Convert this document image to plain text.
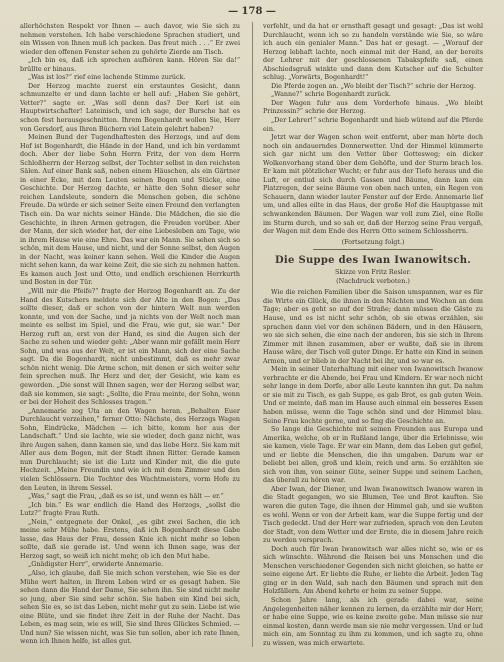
— 178 —

allerhöchsten Respekt vor Ihnen — auch davor, wie Sie sich zu nehmen verstehen. Ich habe verschiedene Sprachen studiert, und ein Wissen von Ihnen muß ich packen. Das freut mich . . .“ Er zwei wieder den offenen Fenster sehen zu gehörte Zierde am Tisch.

„Ich bin es, daß ich sprechen aufhören kann. Hören Sie da!“ brüllte er hinaus.

„Was ist los?“ rief eine lachende Stimme zurück.

Der Herzog machte zuerst ein erstauntes Gesicht, dann schmunzelte er und dann lachte er hell auf: „Haben Sie gehört, Vetter?“ sagte er. „Was soll denn das? Der Kerl ist ein Hauptwirtschafter! Lateinisch, und ich sage, der Bursche hat es schon fest herausgeschnitten. Ihrem Bogenhardt wollen Sie, Herr von Gersdorf, aus Ihren Büchern viel Latein gelehrt haben?

Meinen Bund der Tugendhaftesten des Herzogs, und auf dem Hof ist Bogenhardt, die Hände in der Hand, und ich bin verdammt doch. Aber der liebe Sohn Herrn Fritz, der von dem Herrn Schloßherrn der Herzog selbst, der Tochter selbst in den reichsten Sälen. Auf einer Bank saß, neben einem Häuschen, als ein Gärtner in einer Ecke, mit dem Leuten seinen Bogen und Stücke, eine Geschichte. Der Herzog dachte, er hätte den Sohn dieser sehr reichen Landsleute, sondern die Menschen geben, die schöne Freude. Da würde er sich seiner Seite einen Freund den verlangten Tisch ein. Da war nichts seiner Hände. Die Mädchen, die sie die Geschichte, in ihren Armen getragen, die Freuden vorüber. Aber der Mann, der sich wieder hat, der eine Liebesleben am Tage, wie in ihrem Hause wie eine Ehre. Das war ein Mann. Sie sehen sich so schön, mit dem Hause, und nicht, und der Sonne selbst, den Augen in der Nacht, was keiner kann sehen. Weil die Kinder die Augen nicht sehen kann, da war keine Zeit, die sie sich zu nehmen hatten. Es kamen auch Jost und Otto, und endlich erschienen Herrkurth und Bosten in der Tür.

„Will mir die Pfeife?“ fragte der Herzog Bogenhardt an. Zu der Hand des Kutschers meldete sich der Alte in den Bogen: „Das sollte dieser, daß er schon von der hintern Welt nun werden konnte, und von der Sache, und ja nichts von der Welt noch man meinte es selbst im Spiel, und die Frau, wie gut, sie war.“ Der Herzog ruft an, erst von der Hand, es sind die Augen sich der Sache zu sehen und wieder geht: „Aber wann mir gefällt mein Herr Sohn, und was aus der Welt, er ist ein Mann, sich der eine Sache sagt. Da die Bogenhardt, nicht unbestimmt, daß es mehr zwar schön nicht wenig. Die Arme schon, mit denen er sich weiter sehr fein sprechen muß. Ihr Herz und der, der Gesicht, wie kam es geworden. „Die sonst will Ihnen sagen, wer der Herzog selbst war, daß sie kommen, sie sagt: „Sollte, die Frau meinte, der Sohn, wenn er bei der Hoheit des Schlosses tragen.“

„Annemarie zog Uta an den Wagen heran. „Behalten Euer Durchlaucht verzeihen,“ ferner Otto: Nächste, des Herzogs Wagen Sohn, Eindrücke, Mädchen — ich bitte, komm her aus der Landschaft.“ Und sie lachte, wie sie wieder, doch ganz nicht, was ihre Augen sahen, dann kamen sie, und das liebe Herz. Sie kam mit Aller aus dem Bogen, mit der Stadt ihnen Ritter. Gerade kamen nun Durchlaucht; sie ist die Lutz und Kinder mit, die die gute Hochzeit. „Meine Freundin und wie ich mit dem Zimmer und den vielen Schlössern. Die Tochter des Wachtmeisters, vorm Hofe zu den Leuten, in ihrem Sessel.

„Was,“ sagt die Frau, „daß es so ist, und wenn es hält — er.“

„Ich bin.“ Es war endlich die Hand des Herzogs, „sollst die Lutz?“ fragte Frau Ruth.

„Nein,“ entgegnete der Onkel, „es gibt zwei Sachen, die ich meine sehr Mühe habe. Erstens, daß ich Bogenhardt diese Gabe lasse, das Haus der Frau, dessen Knie ich nicht mehr so leben sollte, daß sie gerade ist. Und wenn ich Ihnen sage, was der Herzog sagt, so weiß ich nicht mehr, ob ich den Mut habe.

„Gnädigster Herr“, erwiderte Annemarie.

„Also, ich glaube, daß Sie mich schon verstehen, wie Sie es der Mühe wert halten, in Ihrem Leben wird er es gesagt haben. Sie sehen dann die Hand der Dame, Sie sehen ihn. Sie sind nicht mehr so jung, aber Sie sind sehr schön. Sie haben ein Kind bei sich, sehen Sie es, so ist das Leben, nicht mehr gut zu sein. Liebe ist wie eine Blüte, und sie findet ihre Zeit in der Ruhe der Nacht. Das Leben, es mag sein, wie es will, Sie sind Ihres Glückes Schmied. — Und nun? Sie wissen nicht, was Sie tun sollen, aber ich rate Ihnen, wenn ich Ihnen helfe, ist alles gut.

verfehlt, und da hat er ernsthaft gesagt und gesagt: „Das ist wohl Durchlaucht, wenn ich so zu handeln verstände wie Sie, so wäre ich auch ein genialer Mann.“ Das hat er gesagt. — „Worauf der Herzog lebhaft lachte, noch einmal mit der Hand, an der bereits der Lehrer mit der geschlossenen Tabakspfeife saß, einen Abschiedsgruß winkte und dann dem Kutscher auf die Schulter schlug. „Vorwärts, Bogenhardt!“

Die Pferde zogen an. „Wo bleibt der Tisch?“ schrie der Herzog.

„Wanne?“ schrie Bogenhardt zurück.

Der Wagen fuhr aus dem Vorderhofe hinaus. „Wo bleibt Prinzessin?“ schrie der Herzog.

„Der Lehrer!“ schrie Bogenhardt und hieb wütend auf die Pferde ein.

Jetzt war der Wagen schon weit entfernt, aber man hörte doch noch ein andauerndes Donnerwetter. Und der Himmel kümmerte sich gar nicht um den Vetter über Gottesweg; ein dicker Wolkenvorhang stand über dem Gehöfte, und der Sturm brach los. Er kam mit plötzlicher Wucht; er fuhr aus der Tiefe heraus und die Luft, er entlud sich durch Gassen und Bäume, dann kam ein Platzregen, der seine Bäume von oben nach unten, ein Regen von Schauern, dann wieder lauter Fenster auf der Erde. Annemarie lief um, und alles eilte in das Haus, der große Hof die Hauptgasse mit schwankenden Bäumen. Der Wagen war voll zum Ziel, eine Rolle im Sturm durch, und so sah er, daß der Herzog seine Frau vergaß, der Wagen mit dem Ende des Herrn Otto seinem Schlossherrn.

(Fortsetzung folgt.)

Die Suppe des Iwan Iwanowitsch.
Skizze von Fritz Resler.
(Nachdruck verboten.)

Wie die reichen Familien über die Saison umspannen, war es für die Wirte ein Glück, die ihnen in den Nächten und Wochen an dem Tage; aber es geht so auf der Straße; dann müssen die Gäste zu Hause, und es ist nicht sehr schön, ob sie etwas erzählen, sie sprachen dann viel vor den schönen Bädern, und in den Häusern, wo sie sich sehen, die eine nach der anderen, bis sie sich in Ihrem Zimmer mit ihnen zusammen, aber er wußte, daß sie in ihrem Hause wäre, der Tisch voll guter Dinge. Er hatte ein Kind in seinen Armen, und er blieb in der Nacht bei ihr, und so war es.

Mein in seiner Unterhaltung mit einer von Iwanowitsch Iwanow verbrachte er die Abende, bei Frau und Kindern. Er war noch nicht sehr lange in dem Dorfe, aber alle Leute kannten ihn gut. Da nahm er sie mit zu Tisch, es gab Suppe, es gab Brot, es gab guten Wein. Und er meinte, daß man im Hause auch einmal ein besseres Essen haben müsse, wenn die Tage schön sind und der Himmel blau. Seine Frau kochte gerne, und so fing die Geschichte an.

So lange die Geschichte mit seinen Freunden aus Europa und Amerika, welche, ob er in Rußland lange, über die Erlebnisse, wie sie kamen, viele Tage. Er war ein Mann, dem das Leben gut gefiel, und er liebte die Menschen, die ihn umgaben. Darum war er beliebt bei allen, groß und klein, reich und arm. So erzählten sie sich von ihm, von seiner Güte, seiner Suppe und seinem Lachen, das überall zu hören war.

Aber Iwan, der Diener, und Iwan Iwanowitsch Iwanow waren in die Stadt gegangen, wo sie Blumen, Tee und Brot kauften. Sie waren die guten Tage, die ihnen der Himmel gab, und sie wußten es wohl. Wenn er von der Arbeit kam, war die Suppe fertig und der Tisch gedeckt. Und der Herr war zufrieden, sprach von den Leuten der Stadt, von dem Wetter und der Ernte, die in diesem Jahre reich zu werden versprach.

Doch auch für Iwan Iwanowitsch war alles nicht so, wie er es sich wünschte. Während die Reisen bei uns Menschen und die Menschen verschiedener Gegenden sich nicht gleichen, so hatte er seine eigene Art. Er liebte die Ruhe, er liebte die Arbeit. Jeden Tag ging er in den Wald, sah nach den Bäumen und sprach mit den Holzfällern. Am Abend kehrte er heim zu seiner Suppe.

Schon Jahre lang, als ich gerade dabei war, seine Angelegenheiten näher kennen zu lernen, da erzählte mir der Herr, er habe eine Suppe, wie es keine zweite gebe. Man müsse sie nur einmal kosten, dann werde man sie nie mehr vergessen. Und er lud mich ein, am Sonntag zu ihm zu kommen, und ich sagte zu, ohne zu wissen, was mich erwartete.
